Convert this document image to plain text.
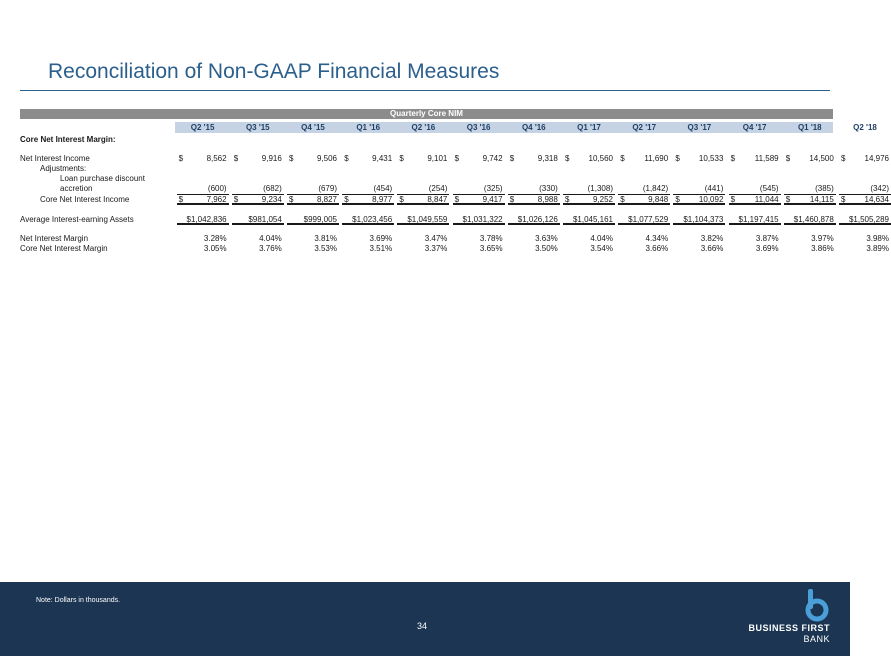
Reconciliation of Non-GAAP Financial Measures
Quarterly Core NIM
Q2 '15	Q3 '15	Q4 '15	Q1 '16	Q2 '16	Q3 '16	Q4 '16	Q1 '17	Q2 '17	Q3 '17	Q4 '17	Q1 '18	Q2 '18
Core Net Interest Margin:
Net Interest Income	$	8,562 $	9,916 $	9,506 $	9,431 $	9,101 $	9,742 $	9,318 $ 10,560 $ 11,690 $ 10,533 $ 11,589 $ 14,500 $ 14,976
Adjustments:
Loan purchase discount
accretion	(600)	(682)	(679)	(454)	(254)	(325)	(330)	(1,308)	(1,842)	(441)	(545)	(385)	(342)
Core Net Interest Income	$	7,962 $	9,234 $	8,827 $	8,977 $	8,847 $	9,417 $	8,988 $	9,252 $	9,848 $ 10,092 $ 11,044 $ 14,115 $ 14,634
Average Interest-earning Assets	$1,042,836	$981,054	$999,005 $1,023,456 $1,049,559 $1,031,322 $1,026,126 $1,045,161 $1,077,529 $1,104,373 $1,197,415 $1,460,878 $1,505,289
Net Interest Margin	3.28%	4.04%	3.81%	3.69%	3.47%	3.78%	3.63%	4.04%	4.34%	3.82%	3.87%	3.97%	3.98%
Core Net Interest Margin	3.05%	3.76%	3.53%	3.51%	3.37%	3.65%	3.50%	3.54%	3.66%	3.66%	3.69%	3.86%	3.89%
Note: Dollars in thousands.
34	BUSINESS FIRST
BANK
